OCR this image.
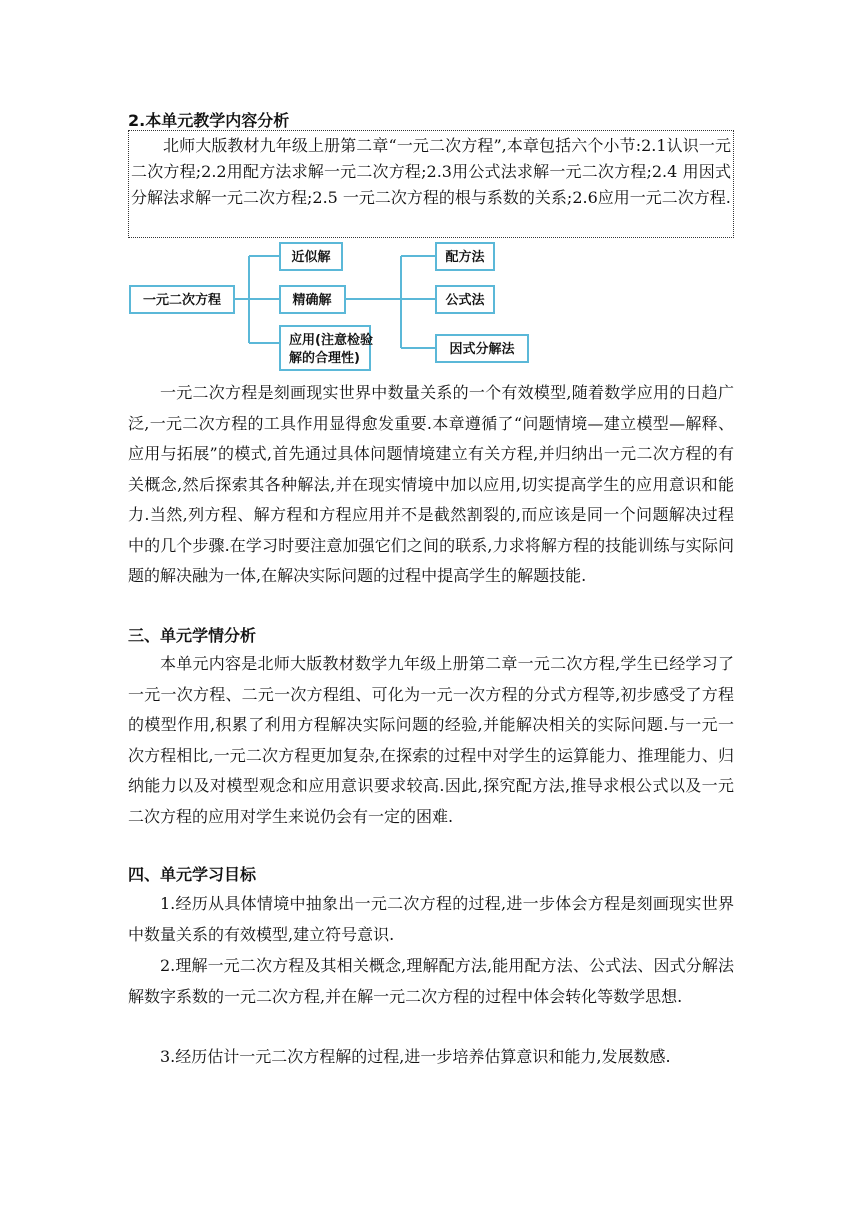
2.本单元教学内容分析

北师大版教材九年级上册第二章“一元二次方程”,本章包括六个小节:2.1认识一元二次方程;2.2用配方法求解一元二次方程;2.3用公式法求解一元二次方程;2.4 用因式分解法求解一元二次方程;2.5 一元二次方程的根与系数的关系;2.6应用一元二次方程.

一元二次方程
近似解
精确解
应用(注意检验
解的合理性)
配方法
公式法
因式分解法
一元二次方程是刻画现实世界中数量关系的一个有效模型,随着数学应用的日趋广泛,一元二次方程的工具作用显得愈发重要.本章遵循了“问题情境—建立模型—解释、应用与拓展”的模式,首先通过具体问题情境建立有关方程,并归纳出一元二次方程的有关概念,然后探索其各种解法,并在现实情境中加以应用,切实提高学生的应用意识和能力.当然,列方程、解方程和方程应用并不是截然割裂的,而应该是同一个问题解决过程中的几个步骤.在学习时要注意加强它们之间的联系,力求将解方程的技能训练与实际问题的解决融为一体,在解决实际问题的过程中提高学生的解题技能.
三、单元学情分析
本单元内容是北师大版教材数学九年级上册第二章一元二次方程,学生已经学习了一元一次方程、二元一次方程组、可化为一元一次方程的分式方程等,初步感受了方程的模型作用,积累了利用方程解决实际问题的经验,并能解决相关的实际问题.与一元一次方程相比,一元二次方程更加复杂,在探索的过程中对学生的运算能力、推理能力、归纳能力以及对模型观念和应用意识要求较高.因此,探究配方法,推导求根公式以及一元二次方程的应用对学生来说仍会有一定的困难.
四、单元学习目标
1.经历从具体情境中抽象出一元二次方程的过程,进一步体会方程是刻画现实世界中数量关系的有效模型,建立符号意识.
2.理解一元二次方程及其相关概念,理解配方法,能用配方法、公式法、因式分解法解数字系数的一元二次方程,并在解一元二次方程的过程中体会转化等数学思想.
3.经历估计一元二次方程解的过程,进一步培养估算意识和能力,发展数感.
